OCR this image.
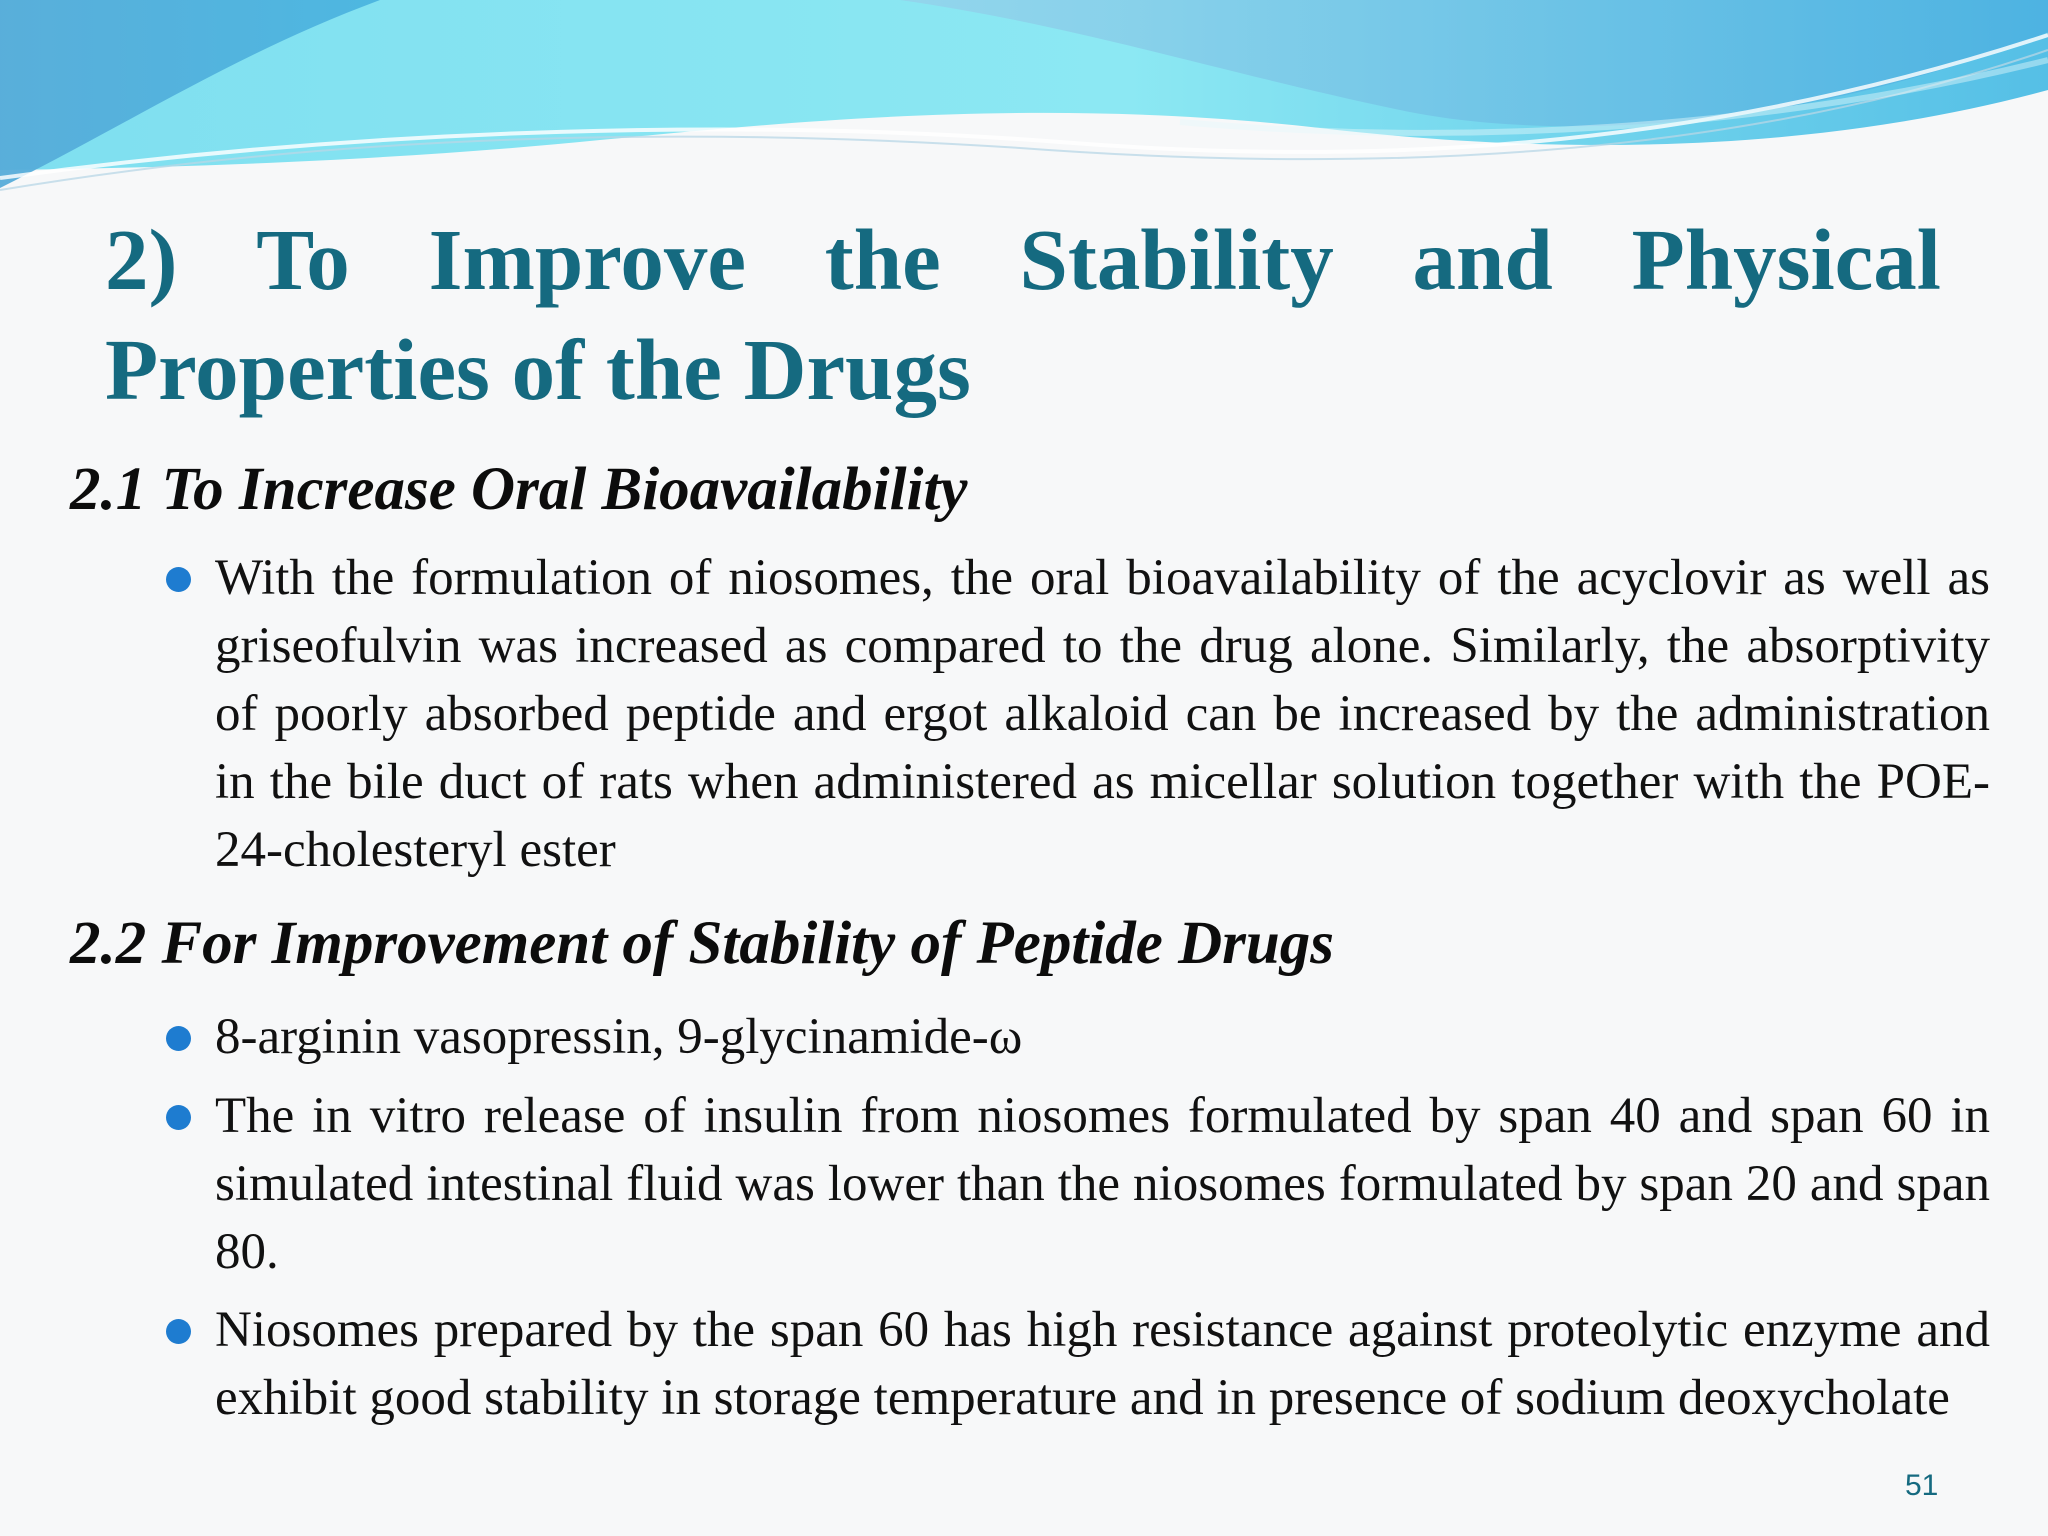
2) To Improve the Stability and Physical
Properties of the Drugs
2.1 To Increase Oral Bioavailability
With the formulation of niosomes, the oral bioavailability of the acyclovir as well as griseofulvin was increased as compared to the drug alone. Similarly, the absorptivity of poorly absorbed peptide and ergot alkaloid can be increased by the administration in the bile duct of rats when administered as micellar solution together with the POE-24-cholesteryl ester
2.2 For Improvement of Stability of Peptide Drugs
8-arginin vasopressin, 9-glycinamide-ω
The in vitro release of insulin from niosomes formulated by span 40 and span 60 in simulated intestinal fluid was lower than the niosomes formulated by span 20 and span 80.
Niosomes prepared by the span 60 has high resistance against proteolytic enzyme and exhibit good stability in storage temperature and in presence of sodium deoxycholate
51
